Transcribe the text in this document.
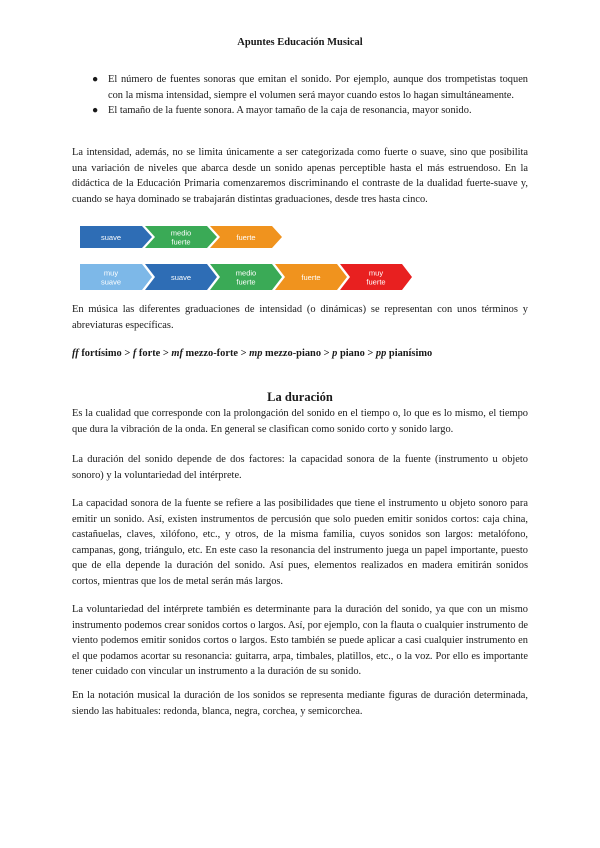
Apuntes Educación Musical
● El número de fuentes sonoras que emitan el sonido. Por ejemplo, aunque dos trompetistas toquen con la misma intensidad, siempre el volumen será mayor cuando estos lo hagan simultáneamente.
● El tamaño de la fuente sonora. A mayor tamaño de la caja de resonancia, mayor sonido.

La intensidad, además, no se limita únicamente a ser categorizada como fuerte o suave, sino que posibilita una variación de niveles que abarca desde un sonido apenas perceptible hasta el más estruendoso. En la didáctica de la Educación Primaria comenzaremos discriminando el contraste de la dualidad fuerte-suave y, cuando se haya dominado se trabajarán distintas graduaciones, desde tres hasta cinco.

suave	medio fuerte	fuerte
muy suave	suave	medio fuerte	fuerte	muy fuerte

En música las diferentes graduaciones de intensidad (o dinámicas) se representan con unos términos y abreviaturas específicas.

ff fortísimo > f forte > mf mezzo-forte > mp mezzo-piano > p piano > pp pianísimo
La duración

Es la cualidad que corresponde con la prolongación del sonido en el tiempo o, lo que es lo mismo, el tiempo que dura la vibración de la onda. En general se clasifican como sonido corto y sonido largo.

La duración del sonido depende de dos factores: la capacidad sonora de la fuente (instrumento u objeto sonoro) y la voluntariedad del intérprete.

La capacidad sonora de la fuente se refiere a las posibilidades que tiene el instrumento u objeto sonoro para emitir un sonido. Así, existen instrumentos de percusión que solo pueden emitir sonidos cortos: caja china, castañuelas, claves, xilófono, etc., y otros, de la misma familia, cuyos sonidos son largos: metalófono, campanas, gong, triángulo, etc. En este caso la resonancia del instrumento juega un papel importante, puesto que de ella depende la duración del sonido. Así pues, elementos realizados en madera emitirán sonidos cortos, mientras que los de metal serán más largos.

La voluntariedad del intérprete también es determinante para la duración del sonido, ya que con un mismo instrumento podemos crear sonidos cortos o largos. Así, por ejemplo, con la flauta o cualquier instrumento de viento podemos emitir sonidos cortos o largos. Esto también se puede aplicar a casi cualquier instrumento en el que podamos acortar su resonancia: guitarra, arpa, timbales, platillos, etc., o la voz. Por ello es importante tener cuidado con vincular un instrumento a la duración de su sonido.

En la notación musical la duración de los sonidos se representa mediante figuras de duración determinada, siendo las habituales: redonda, blanca, negra, corchea, y semicorchea.
